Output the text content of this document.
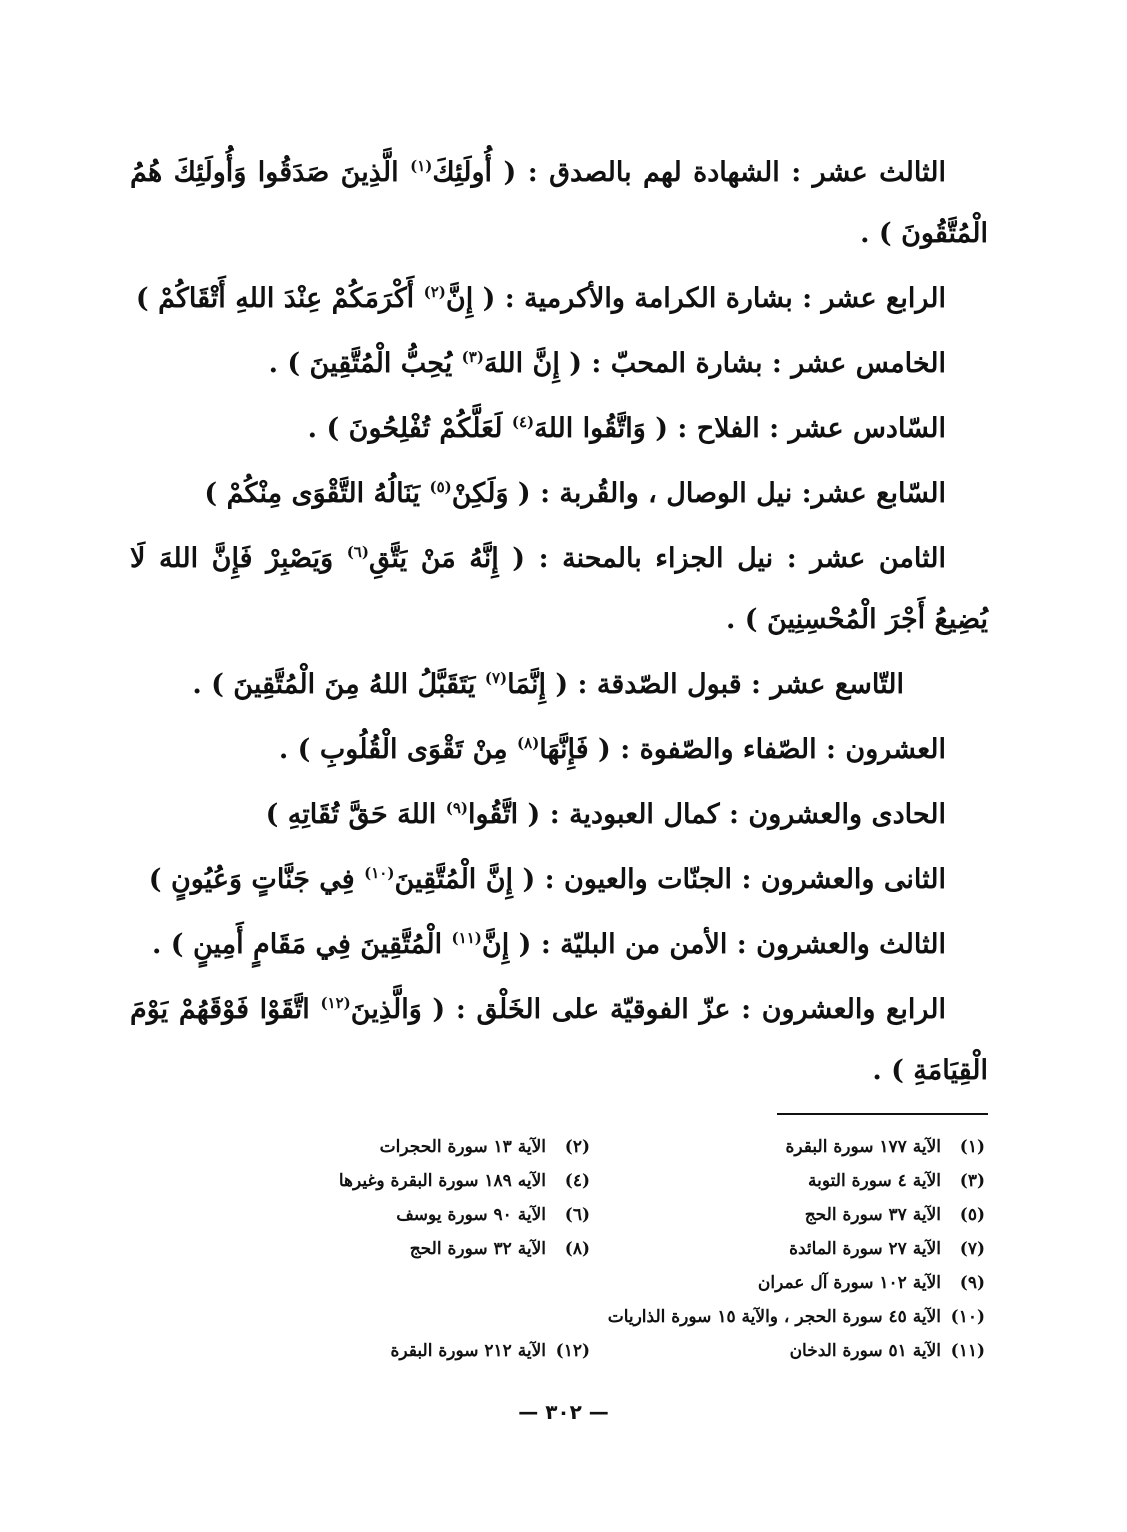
الثالث عشر : الشهادة لهم بالصدق : ( أُولَئِكَ$^{(١)}$ الَّذِينَ صَدَقُوا وَأُولَئِكَ هُمُ الْمُتَّقُونَ ) .

الرابع عشر : بشارة الكرامة والأكرمية : ( إِنَّ$^{(٢)}$ أَكْرَمَكُمْ عِنْدَ اللهِ أَتْقَاكُمْ )

الخامس عشر : بشارة المحبّ : ( إِنَّ اللهَ$^{(٣)}$ يُحِبُّ الْمُتَّقِينَ ) .

السّادس عشر : الفلاح : ( وَاتَّقُوا اللهَ$^{(٤)}$ لَعَلَّكُمْ تُفْلِحُونَ ) .

السّابع عشر: نيل الوصال ، والقُربة : ( وَلَكِنْ$^{(٥)}$ يَنَالُهُ التَّقْوَى مِنْكُمْ )

الثامن عشر : نيل الجزاء بالمحنة : ( إِنَّهُ مَنْ يَتَّقِ$^{(٦)}$ وَيَصْبِرْ فَإِنَّ اللهَ لَا يُضِيعُ أَجْرَ الْمُحْسِنِينَ ) .

التّاسع عشر : قبول الصّدقة : ( إِنَّمَا$^{(٧)}$ يَتَقَبَّلُ اللهُ مِنَ الْمُتَّقِينَ ) .

العشرون : الصّفاء والصّفوة : ( فَإِنَّهَا$^{(٨)}$ مِنْ تَقْوَى الْقُلُوبِ ) .

الحادى والعشرون : كمال العبودية : ( اتَّقُوا$^{(٩)}$ اللهَ حَقَّ تُقَاتِهِ )

الثانى والعشرون : الجنّات والعيون : ( إِنَّ الْمُتَّقِينَ$^{(١٠)}$ فِي جَنَّاتٍ وَعُيُونٍ )

الثالث والعشرون : الأمن من البليّة : ( إِنَّ$^{(١١)}$ الْمُتَّقِينَ فِي مَقَامٍ أَمِينٍ ) .

الرابع والعشرون : عزّ الفوقيّة على الخَلْق : ( وَالَّذِينَ$^{(١٢)}$ اتَّقَوْا فَوْقَهُمْ يَوْمَ الْقِيَامَةِ ) .

(١)الآية ١٧٧ سورة البقرة
(٢)الآية ١٣ سورة الحجرات
(٣)الآية ٤ سورة التوبة
(٤)الآيه ١٨٩ سورة البقرة وغيرها
(٥)الآية ٣٧ سورة الحج
(٦)الآية ٩٠ سورة يوسف
(٧)الآية ٢٧ سورة المائدة
(٨)الآية ٣٢ سورة الحج
(٩)الآية ١٠٢ سورة آل عمران
(١٠)الآية ٤٥ سورة الحجر ، والآية ١٥ سورة الذاريات
(١١)الآية ٥١ سورة الدخان
(١٢)الآية ٢١٢ سورة البقرة
— ٣٠٢ —
